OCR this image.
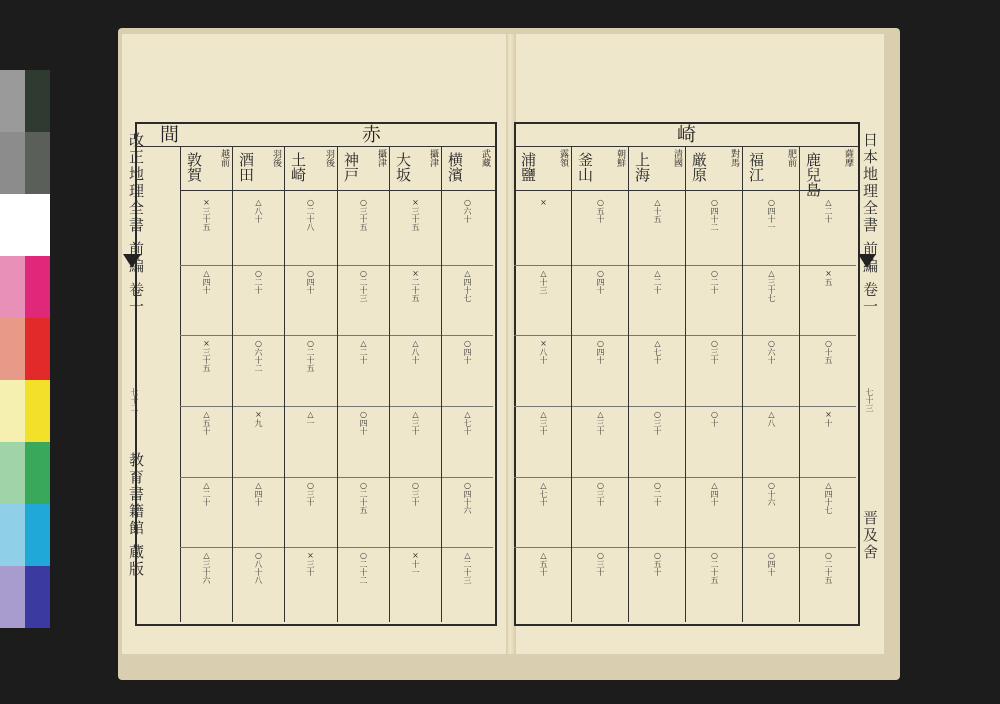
赤
間
武藏
横濱
○六十
△四十七
○四十
△七十
○四十六
△二十三
攝津
大坂
×三十五
×二十五
△八十
△三十
○三十
×十一
攝津
神戸
○三十五
○二十三
△二十
○四十
○二十五
○二十二
羽後
土崎
○二十八
○四十
○二十五
△一
○三十
×三十
羽後
酒田
△八十
○二十
○六十二
×九
△四十
○八十八
越前
敦賀
×三十五
△四十
×三十五
△五十
△二十
△三十六
崎
薩摩
鹿兒島
△二十
×五
○十五
×十
△四十七
○二十五
肥前
福江
○四十一
△三十七
○六十
△八
○十六
○四十
對馬
厳原
○四十二
○二十
○三十
○十
△四十
○二十五
清國
上海
△十五
△二十
△七十
○三十
○二十
○五十
朝鮮
釜山
○五十
○四十
○四十
△三十
○三十
○三十
露領
浦鹽
×
△十三
×八十
△三十
△七十
△五十
改正地理全書 前編 卷一
七十二
教育書籍館 蔵版
日本地理全書 前編 卷一
七十三
晋及舍
